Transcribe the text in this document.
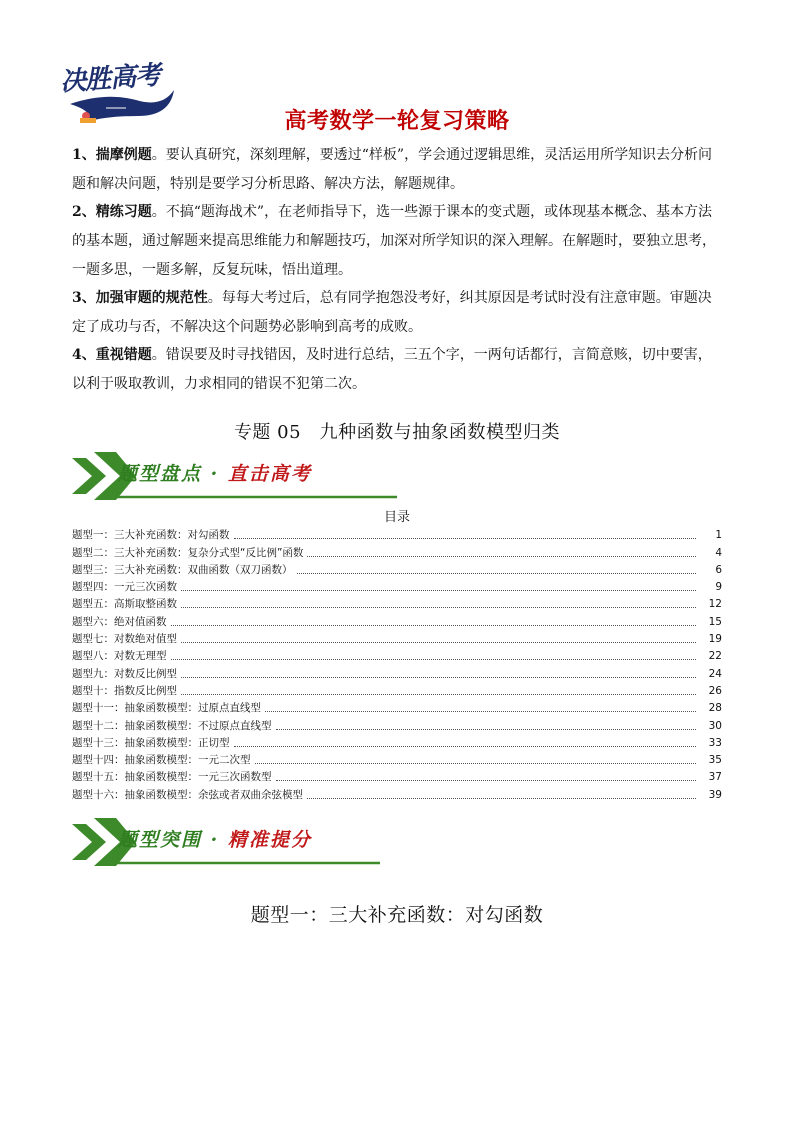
决胜高考
高考数学一轮复习策略
1、揣摩例题。要认真研究，深刻理解，要透过“样板”，学会通过逻辑思维，灵活运用所学知识去分析问题和解决问题，特别是要学习分析思路、解决方法，解题规律。
2、精练习题。不搞“题海战术”，在老师指导下，选一些源于课本的变式题，或体现基本概念、基本方法的基本题，通过解题来提高思维能力和解题技巧，加深对所学知识的深入理解。在解题时，要独立思考，一题多思，一题多解，反复玩味，悟出道理。
3、加强审题的规范性。每每大考过后，总有同学抱怨没考好，纠其原因是考试时没有注意审题。审题决定了成功与否，不解决这个问题势必影响到高考的成败。
4、重视错题。错误要及时寻找错因，及时进行总结，三五个字，一两句话都行，言简意赅，切中要害，以利于吸取教训，力求相同的错误不犯第二次。
专题 05　九种函数与抽象函数模型归类
题型盘点 · 直击高考
目录
题型一：三大补充函数：对勾函数	1
题型二：三大补充函数：复杂分式型“反比例”函数	4
题型三：三大补充函数：双曲函数（双刀函数）	6
题型四：一元三次函数	9
题型五：高斯取整函数	12
题型六：绝对值函数	15
题型七：对数绝对值型	19
题型八：对数无理型	22
题型九：对数反比例型	24
题型十：指数反比例型	26
题型十一：抽象函数模型：过原点直线型	28
题型十二：抽象函数模型：不过原点直线型	30
题型十三：抽象函数模型：正切型	33
题型十四：抽象函数模型：一元二次型	35
题型十五：抽象函数模型：一元三次函数型	37
题型十六：抽象函数模型：余弦或者双曲余弦模型	39
题型突围 · 精准提分
题型一：三大补充函数：对勾函数
